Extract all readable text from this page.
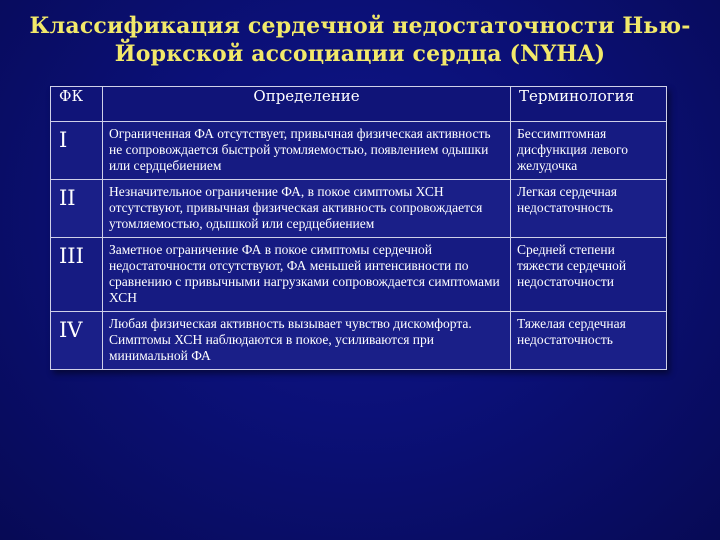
Классификация сердечной недостаточности Нью-Йоркской ассоциации сердца (NYHA)
ФК	Определение	Терминология
I	Ограниченная ФА отсутствует, привычная физическая активность не сопровождается быстрой утомляемостью, появлением одышки или сердцебиением	Бессимптомная дисфункция левого желудочка
II	Незначительное ограничение ФА, в покое симптомы ХСН отсутствуют, привычная физическая активность сопровождается утомляемостью, одышкой или сердцебиением	Легкая сердечная недостаточность
III	Заметное ограничение ФА в покое симптомы сердечной недостаточности отсутствуют, ФА меньшей интенсивности по сравнению с привычными нагрузками сопровождается симптомами ХСН	Средней степени тяжести сердечной недостаточности
IV	Любая физическая активность вызывает чувство дискомфорта. Симптомы ХСН наблюдаются в покое, усиливаются при минимальной ФА	Тяжелая сердечная недостаточность
